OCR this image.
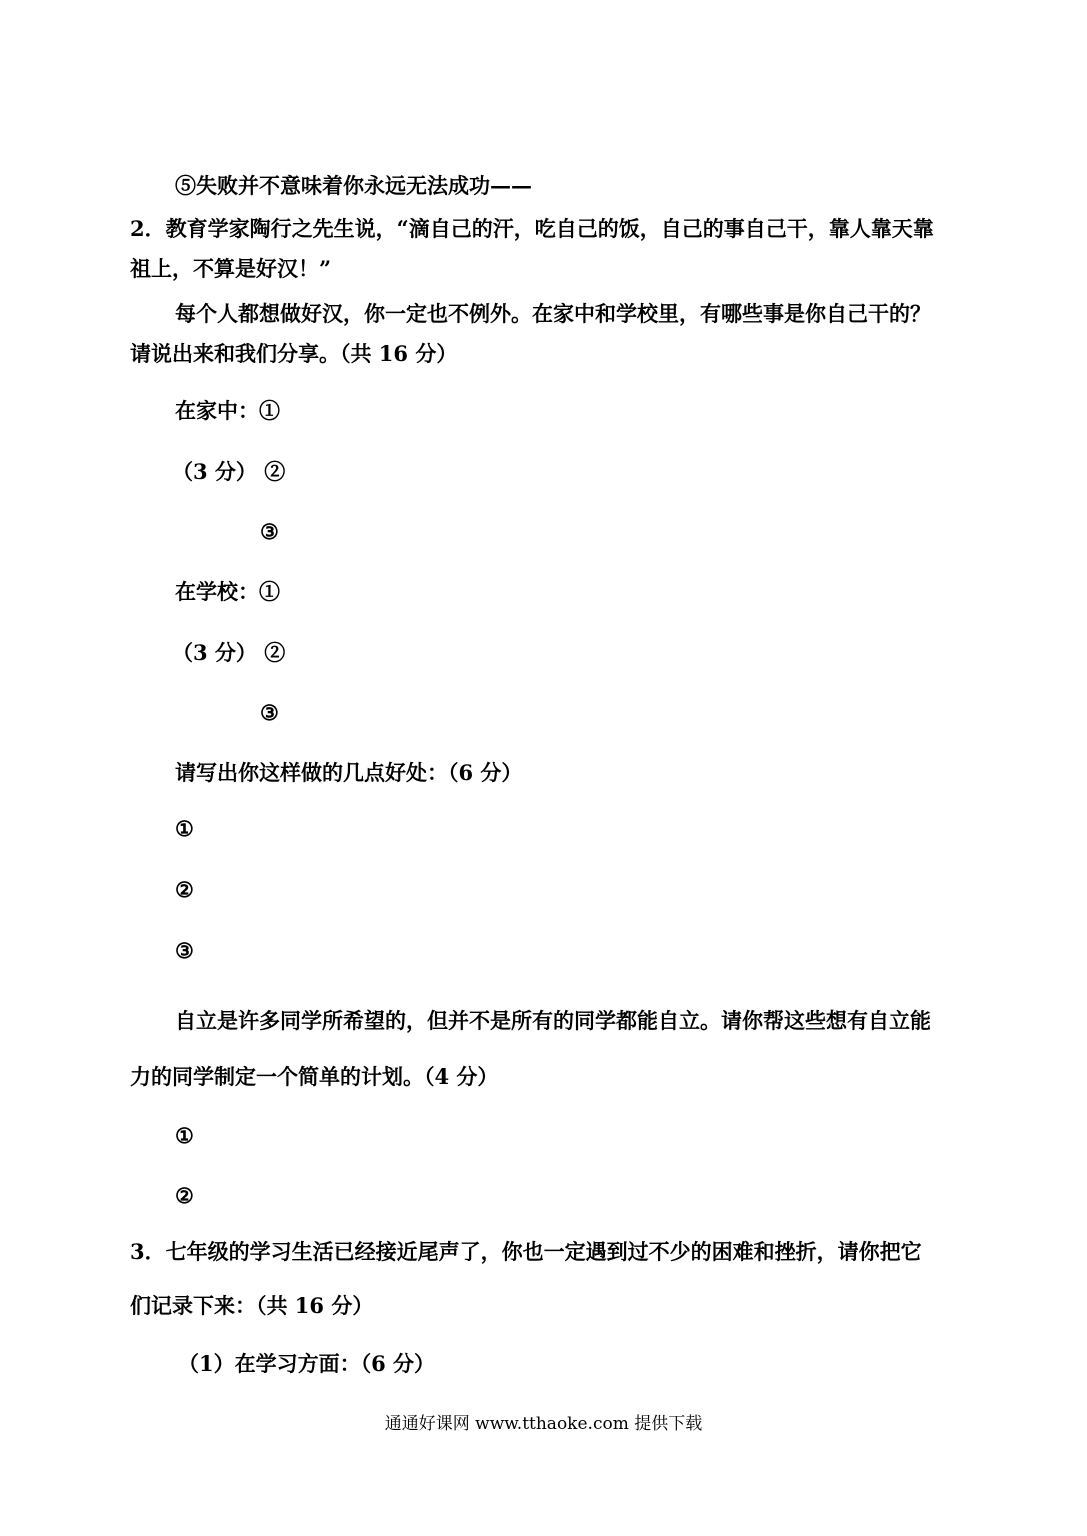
⑤失败并不意味着你永远无法成功——
2．教育学家陶行之先生说，“滴自己的汗，吃自己的饭，自己的事自己干，靠人靠天靠
祖上，不算是好汉！”
每个人都想做好汉，你一定也不例外。在家中和学校里，有哪些事是你自己干的？
请说出来和我们分享。（共 16 分）
在家中：①
（3 分） ②
③
在学校：①
（3 分） ②
③
请写出你这样做的几点好处：（6 分）
①
②
③
自立是许多同学所希望的，但并不是所有的同学都能自立。请你帮这些想有自立能
力的同学制定一个简单的计划。（4 分）
①
②
3．七年级的学习生活已经接近尾声了，你也一定遇到过不少的困难和挫折，请你把它
们记录下来：（共 16 分）
（1）在学习方面：（6 分）
通通好课网 www.tthaoke.com 提供下载
